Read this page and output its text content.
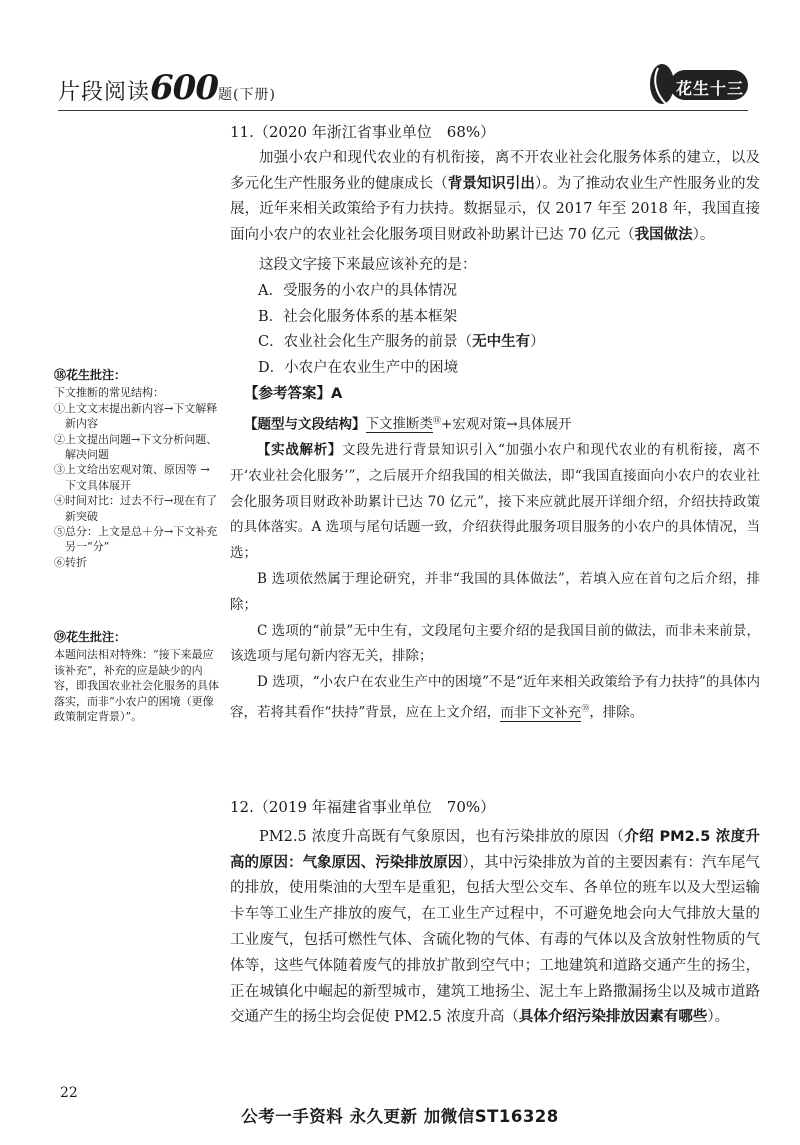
片段阅读600题(下册)	花生十三

11.（2020 年浙江省事业单位　68%）

加强小农户和现代农业的有机衔接，离不开农业社会化服务体系的建立，以及多元化生产性服务业的健康成长（背景知识引出）。为了推动农业生产性服务业的发展，近年来相关政策给予有力扶持。数据显示，仅 2017 年至 2018 年，我国直接面向小农户的农业社会化服务项目财政补助累计已达 70 亿元（我国做法）。

这段文字接下来最应该补充的是：

A．受服务的小农户的具体情况

B．社会化服务体系的基本框架

C．农业社会化生产服务的前景（无中生有）

D．小农户在农业生产中的困境

【参考答案】A

【题型与文段结构】下文推断类⑱+宏观对策→具体展开

【实战解析】文段先进行背景知识引入“加强小农户和现代农业的有机衔接，离不开‘农业社会化服务’”，之后展开介绍我国的相关做法，即“我国直接面向小农户的农业社会化服务项目财政补助累计已达 70 亿元”，接下来应就此展开详细介绍，介绍扶持政策的具体落实。A 选项与尾句话题一致，介绍获得此服务项目服务的小农户的具体情况，当选；

B 选项依然属于理论研究，并非“我国的具体做法”，若填入应在首句之后介绍，排除；

C 选项的“前景”无中生有，文段尾句主要介绍的是我国目前的做法，而非未来前景，该选项与尾句新内容无关，排除；

D 选项，“小农户在农业生产中的困境”不是“近年来相关政策给予有力扶持”的具体内容，若将其看作“扶持”背景，应在上文介绍，而非下文补充⑲，排除。

⑱花生批注：

下文推断的常见结构：

①上文文末提出新内容→下文解释新内容

②上文提出问题→下文分析问题、解决问题

③上文给出宏观对策、原因等 →下文具体展开

④时间对比：过去不行→现在有了新突破

⑤总分：上文是总＋分→下文补充另一“分”

⑥转折

⑲花生批注：

本题问法相对特殊：“接下来最应该补充”，补充的应是缺少的内容，即我国农业社会化服务的具体落实，而非“小农户的困境（更像政策制定背景）”。

12.（2019 年福建省事业单位　70%）

PM2.5 浓度升高既有气象原因，也有污染排放的原因（介绍 PM2.5 浓度升高的原因：气象原因、污染排放原因），其中污染排放为首的主要因素有：汽车尾气的排放，使用柴油的大型车是重犯，包括大型公交车、各单位的班车以及大型运输卡车等工业生产排放的废气，在工业生产过程中，不可避免地会向大气排放大量的工业废气，包括可燃性气体、含硫化物的气体、有毒的气体以及含放射性物质的气体等，这些气体随着废气的排放扩散到空气中；工地建筑和道路交通产生的扬尘，正在城镇化中崛起的新型城市，建筑工地扬尘、泥土车上路撒漏扬尘以及城市道路交通产生的扬尘均会促使 PM2.5 浓度升高（具体介绍污染排放因素有哪些）。

22
公考一手资料 永久更新 加微信ST16328
